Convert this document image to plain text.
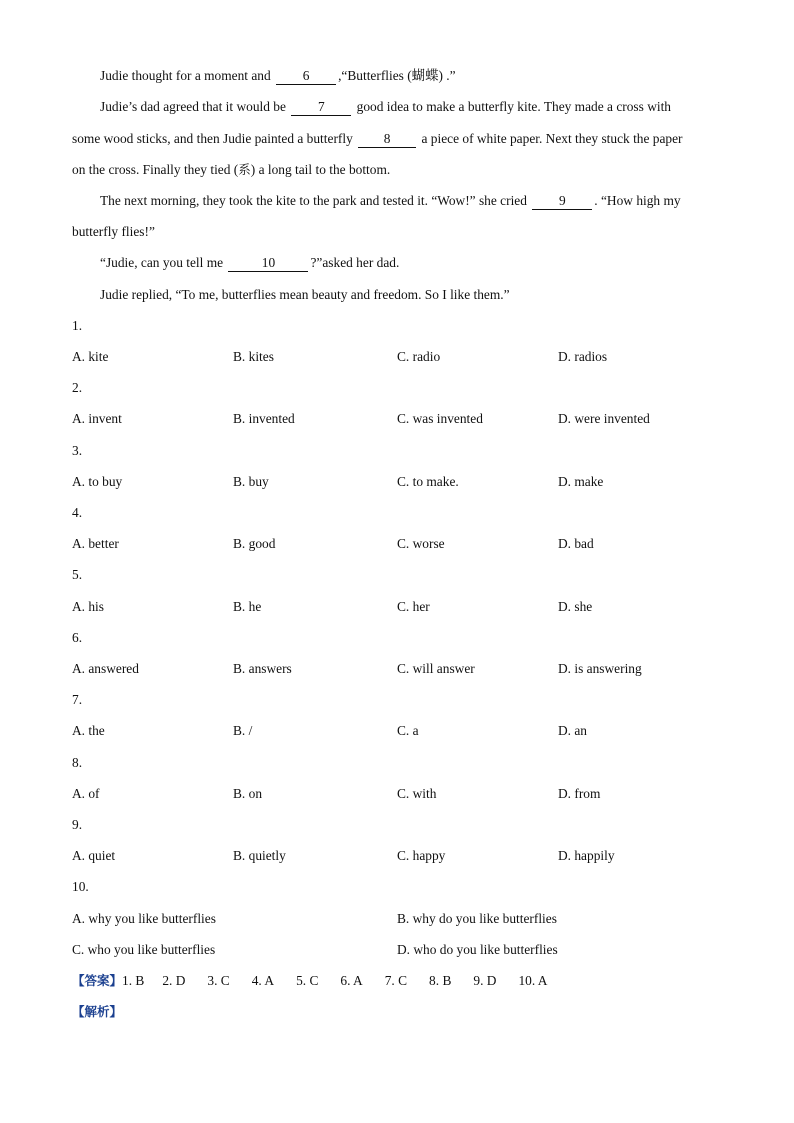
Judie thought for a moment and 6 ,“Butterflies (蝴蝶) .”
Judie’s dad agreed that it would be 7 good idea to make a butterfly kite. They made a cross with
some wood sticks, and then Judie painted a butterfly 8 a piece of white paper. Next they stuck the paper
on the cross. Finally they tied (系) a long tail to the bottom.
The next morning, they took the kite to the park and tested it. “Wow!” she cried 9 . “How high my
butterfly flies!”
“Judie, can you tell me	10	?”asked her dad.
Judie replied, “To me, butterflies mean beauty and freedom. So I like them.”
1.
A. kite	B. kites	C. radio	D. radios
2.
A. invent	B. invented	C. was invented	D. were invented
3.
A. to buy	B. buy	C. to make.	D. make
4.
A. better	B. good	C. worse	D. bad
5.
A. his	B. he	C. her	D. she
6.
A. answered	B. answers	C. will answer	D. is answering
7.
A. the	B. /	C. a	D. an
8.
A. of	B. on	C. with	D. from
9.
A. quiet	B. quietly	C. happy	D. happily
10.
A. why you like butterflies	B. why do you like butterflies
C. who you like butterflies	D. who do you like butterflies
【答案】1. B 2. D 3. C 4. A 5. C 6. A 7. C 8. B 9. D 10. A
【解析】
